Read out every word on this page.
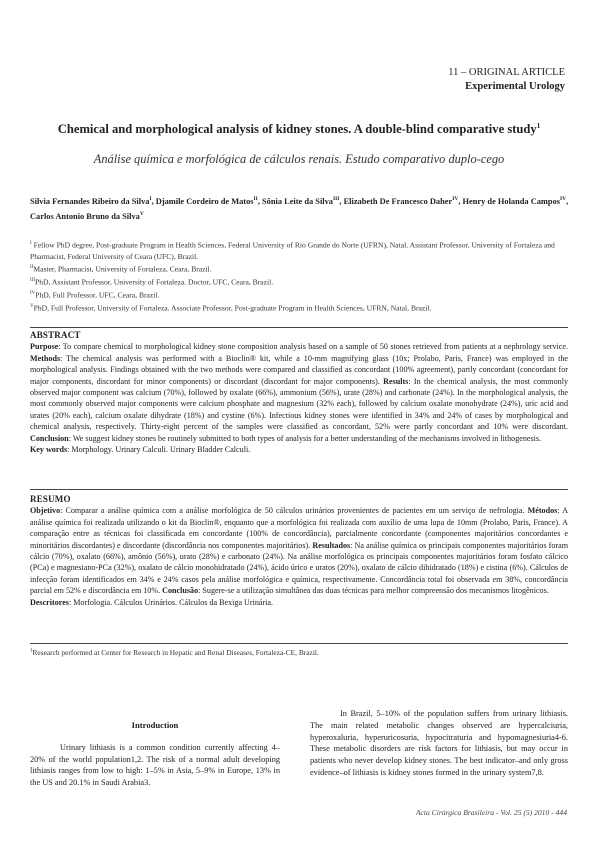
11 – ORIGINAL ARTICLE
Experimental Urology
Chemical and morphological analysis of kidney stones. A double-blind comparative study$^1$
Análise química e morfológica de cálculos renais. Estudo comparativo duplo-cego
Silvia Fernandes Ribeiro da Silva$^I$, Djamile Cordeiro de Matos$^{II}$, Sônia Leite da Silva$^{III}$, Elizabeth De Francesco Daher$^{IV}$, Henry de Holanda Campos$^{IV}$, Carlos Antonio Bruno da Silva$^V$
$^I$ Fellow PhD degree, Post-graduate Program in Health Sciences, Federal University of Rio Grande do Norte (UFRN), Natal. Assistant Professor, University of Fortaleza and Pharmacist, Federal University of Ceara (UFC), Brazil.
$^{II}$Master, Pharmacist, University of Fortaleza, Ceara, Brazil.
$^{III}$PhD, Assistant Professor, University of Fortaleza. Doctor, UFC, Ceara, Brazil.
$^{IV}$PhD, Full Professor, UFC, Ceara, Brazil.
$^V$PhD, Full Professor, University of Fortaleza. Associate Professor, Post-graduate Program in Health Sciences, UFRN, Natal, Brazil.
ABSTRACT
Purpose: To compare chemical to morphological kidney stone composition analysis based on a sample of 50 stones retrieved from patients at a nephrology service. Methods: The chemical analysis was performed with a Bioclin® kit, while a 10-mm magnifying glass (10x; Prolabo, Paris, France) was employed in the morphological analysis. Findings obtained with the two methods were compared and classified as concordant (100% agreement), partly concordant (concordant for major components, discordant for minor components) or discordant (discordant for major components). Results: In the chemical analysis, the most commonly observed major component was calcium (70%), followed by oxalate (66%), ammonium (56%), urate (28%) and carbonate (24%). In the morphological analysis, the most commonly observed major components were calcium phosphate and magnesium (32% each), followed by calcium oxalate monohydrate (24%), uric acid and urates (20% each), calcium oxalate dihydrate (18%) and cystine (6%). Infectious kidney stones were identified in 34% and 24% of cases by morphological and chemical analysis, respectively. Thirty-eight percent of the samples were classified as concordant, 52% were partly concordant and 10% were discordant. Conclusion: We suggest kidney stones be routinely submitted to both types of analysis for a better understanding of the mechanisms involved in lithogenesis.
Key words: Morphology. Urinary Calculi. Urinary Bladder Calculi.
RESUMO
Objetivo: Comparar a análise química com a análise morfológica de 50 cálculos urinários provenientes de pacientes em um serviço de nefrologia. Métodos: A análise química foi realizada utilizando o kit da Bioclin®, enquanto que a morfológica foi realizada com auxílio de uma lupa de 10mm (Prolabo, Paris, France). A comparação entre as técnicas foi classificada em concordante (100% de concordância), parcialmente concordante (componentes majoritários concordantes e minoritários discordantes) e discordante (discordância nos componentes majoritários). Resultados: Na análise química os principais componentes majoritários foram cálcio (70%), oxalato (66%), amônio (56%), urato (28%) e carbonato (24%). Na análise morfológica os principais componentes majoritários foram fosfato cálcico (PCa) e magnesiano-PCa (32%), oxalato de cálcio monohidratado (24%), ácido úrico e uratos (20%), oxalato de cálcio dihidratado (18%) e cistina (6%). Cálculos de infecção foram identificados em 34% e 24% casos pela análise morfológica e química, respectivamente. Concordância total foi observada em 38%, concordância parcial em 52% e discordância em 10%. Conclusão: Sugere-se a utilização simultânea das duas técnicas para melhor compreensão dos mecanismos litogênicos.
Descritores: Morfologia. Cálculos Urinários. Cálculos da Bexiga Urinária.
$^1$Research performed at Center for Research in Hepatic and Renal Diseases, Fortaleza-CE, Brazil.
Introduction
Urinary lithiasis is a common condition currently affecting 4–20% of the world population1,2. The risk of a normal adult developing lithiasis ranges from low to high: 1–5% in Asia, 5–9% in Europe, 13% in the US and 20.1% in Saudi Arabia3.
In Brazil, 5–10% of the population suffers from urinary lithiasis. The main related metabolic changes observed are hypercalciuria, hyperoxaluria, hyperuricosuria, hypocitraturia and hypomagnesiuria4-6. These metabolic disorders are risk factors for lithiasis, but may occur in patients who never develop kidney stones. The best indicator–and only gross evidence–of lithiasis is kidney stones formed in the urinary system7,8.
Acta Cirúrgica Brasileira - Vol. 25 (5) 2010 - 444
